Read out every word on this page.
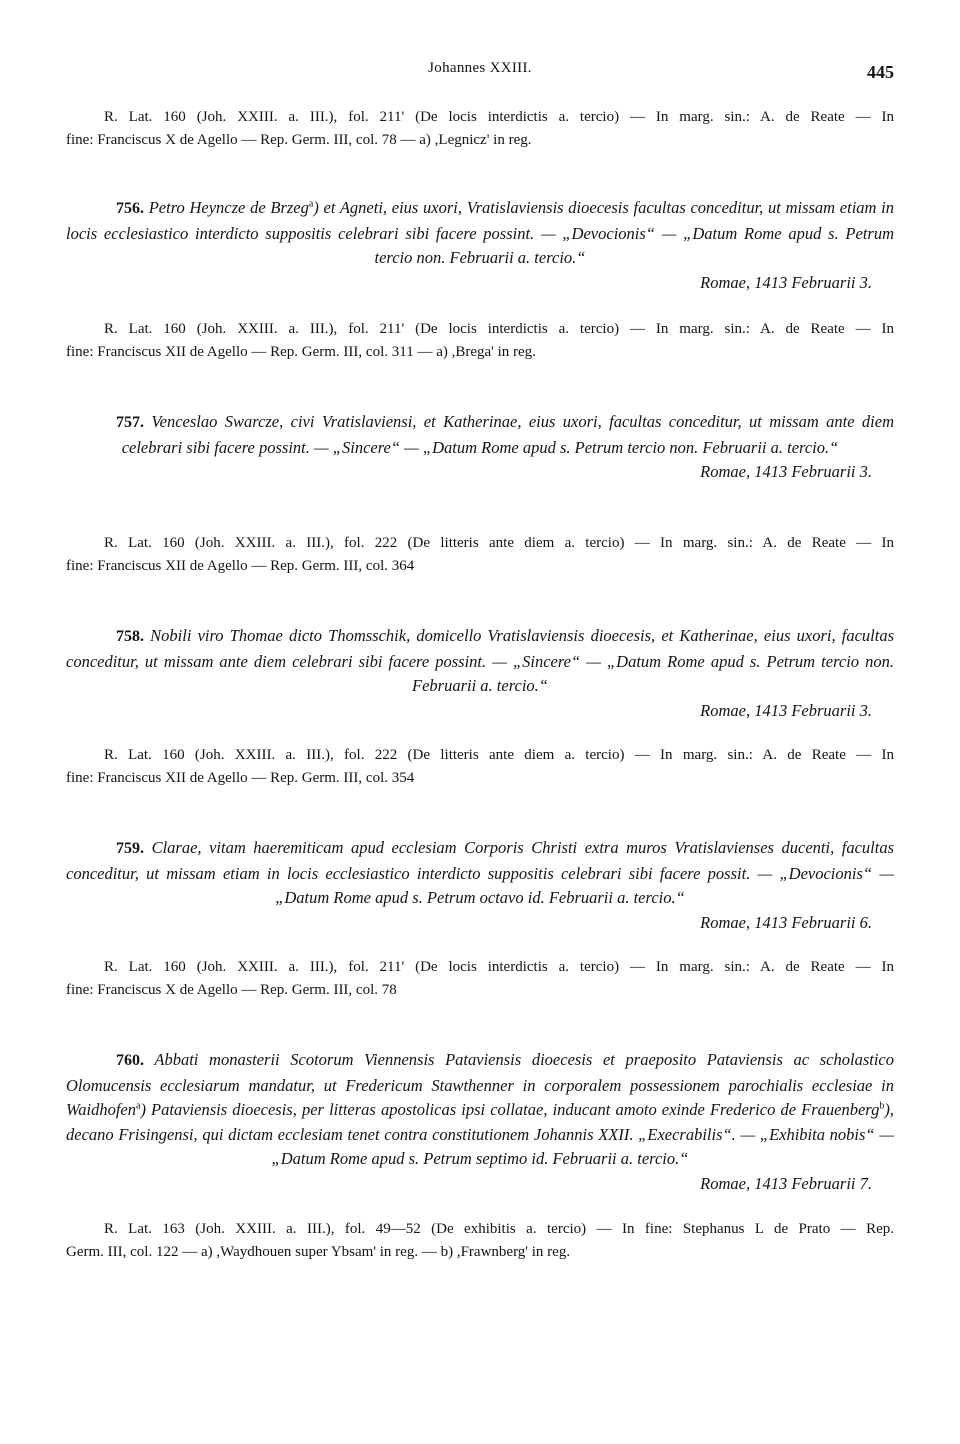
Johannes XXIII.	445
R. Lat. 160 (Joh. XXIII. a. III.), fol. 211' (De locis interdictis a. tercio) — In marg. sin.: A. de Reate — In
fine: Franciscus X de Agello — Rep. Germ. III, col. 78 — a) ,Legnicz' in reg.
756. Petro Heyncze de Brzeg$^a$) et Agneti, eius uxori, Vratislaviensis dioecesis facultas conceditur, ut missam etiam in locis ecclesiastico interdicto suppositis celebrari sibi facere possint. — „Devocionis“ — „Datum Rome apud s. Petrum tercio non. Februarii a. tercio.“
Romae, 1413 Februarii 3.
R. Lat. 160 (Joh. XXIII. a. III.), fol. 211' (De locis interdictis a. tercio) — In marg. sin.: A. de Reate — In
fine: Franciscus XII de Agello — Rep. Germ. III, col. 311 — a) ,Brega' in reg.
757. Venceslao Swarcze, civi Vratislaviensi, et Katherinae, eius uxori, facultas conceditur, ut missam ante diem celebrari sibi facere possint. — „Sincere“ — „Datum Rome apud s. Petrum tercio non. Februarii a. tercio.“
Romae, 1413 Februarii 3.
R. Lat. 160 (Joh. XXIII. a. III.), fol. 222 (De litteris ante diem a. tercio) — In marg. sin.: A. de Reate — In
fine: Franciscus XII de Agello — Rep. Germ. III, col. 364
758. Nobili viro Thomae dicto Thomsschik, domicello Vratislaviensis dioecesis, et Katherinae, eius uxori, facultas conceditur, ut missam ante diem celebrari sibi facere possint. — „Sincere“ — „Datum Rome apud s. Petrum tercio non. Februarii a. tercio.“
Romae, 1413 Februarii 3.
R. Lat. 160 (Joh. XXIII. a. III.), fol. 222 (De litteris ante diem a. tercio) — In marg. sin.: A. de Reate — In
fine: Franciscus XII de Agello — Rep. Germ. III, col. 354
759. Clarae, vitam haeremiticam apud ecclesiam Corporis Christi extra muros Vratislavienses ducenti, facultas conceditur, ut missam etiam in locis ecclesiastico interdicto suppositis celebrari sibi facere possit. — „Devocionis“ — „Datum Rome apud s. Petrum octavo id. Februarii a. tercio.“
Romae, 1413 Februarii 6.
R. Lat. 160 (Joh. XXIII. a. III.), fol. 211' (De locis interdictis a. tercio) — In marg. sin.: A. de Reate — In
fine: Franciscus X de Agello — Rep. Germ. III, col. 78
760. Abbati monasterii Scotorum Viennensis Pataviensis dioecesis et praeposito Pataviensis ac scholastico Olomucensis ecclesiarum mandatur, ut Fredericum Stawthenner in corporalem possessionem parochialis ecclesiae in Waidhofen$^a$) Pataviensis dioecesis, per litteras apostolicas ipsi collatae, inducant amoto exinde Frederico de Frauenberg$^b$), decano Frisingensi, qui dictam ecclesiam tenet contra constitutionem Johannis XXII. „Execrabilis“. — „Exhibita nobis“ — „Datum Rome apud s. Petrum septimo id. Februarii a. tercio.“
Romae, 1413 Februarii 7.
R. Lat. 163 (Joh. XXIII. a. III.), fol. 49—52 (De exhibitis a. tercio) — In fine: Stephanus L de Prato — Rep.
Germ. III, col. 122 — a) ,Waydhouen super Ybsam' in reg. — b) ,Frawnberg' in reg.
